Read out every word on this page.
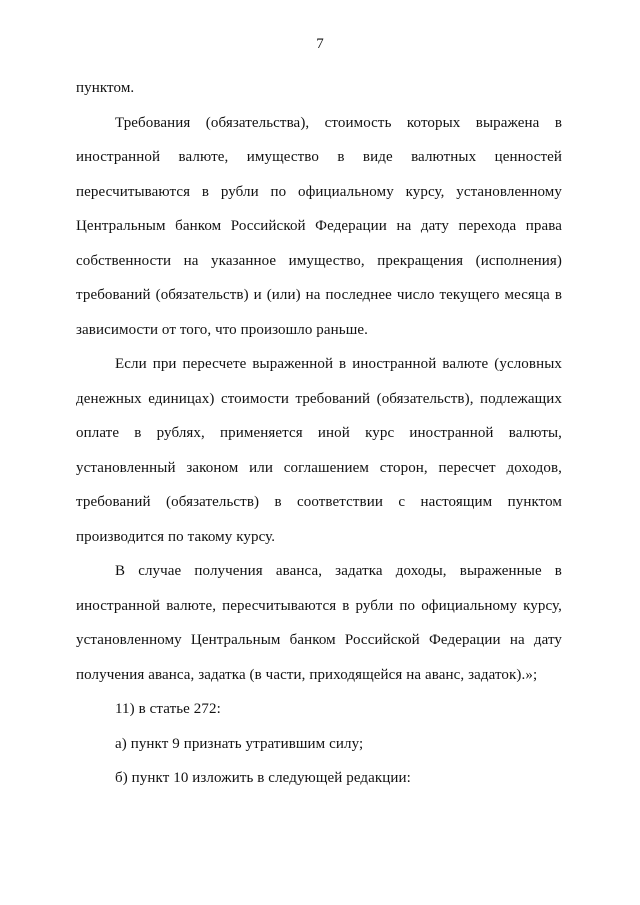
7

пунктом.

Требования (обязательства), стоимость которых выражена в иностранной валюте, имущество в виде валютных ценностей пересчитываются в рубли по официальному курсу, установленному Центральным банком Российской Федерации на дату перехода права собственности на указанное имущество, прекращения (исполнения) требований (обязательств) и (или) на последнее число текущего месяца в зависимости от того, что произошло раньше.

Если при пересчете выраженной в иностранной валюте (условных денежных единицах) стоимости требований (обязательств), подлежащих оплате в рублях, применяется иной курс иностранной валюты, установленный законом или соглашением сторон, пересчет доходов, требований (обязательств) в соответствии с настоящим пунктом производится по такому курсу.

В случае получения аванса, задатка доходы, выраженные в иностранной валюте, пересчитываются в рубли по официальному курсу, установленному Центральным банком Российской Федерации на дату получения аванса, задатка (в части, приходящейся на аванс, задаток).»;

11) в статье 272:

а) пункт 9 признать утратившим силу;

б) пункт 10 изложить в следующей редакции:
